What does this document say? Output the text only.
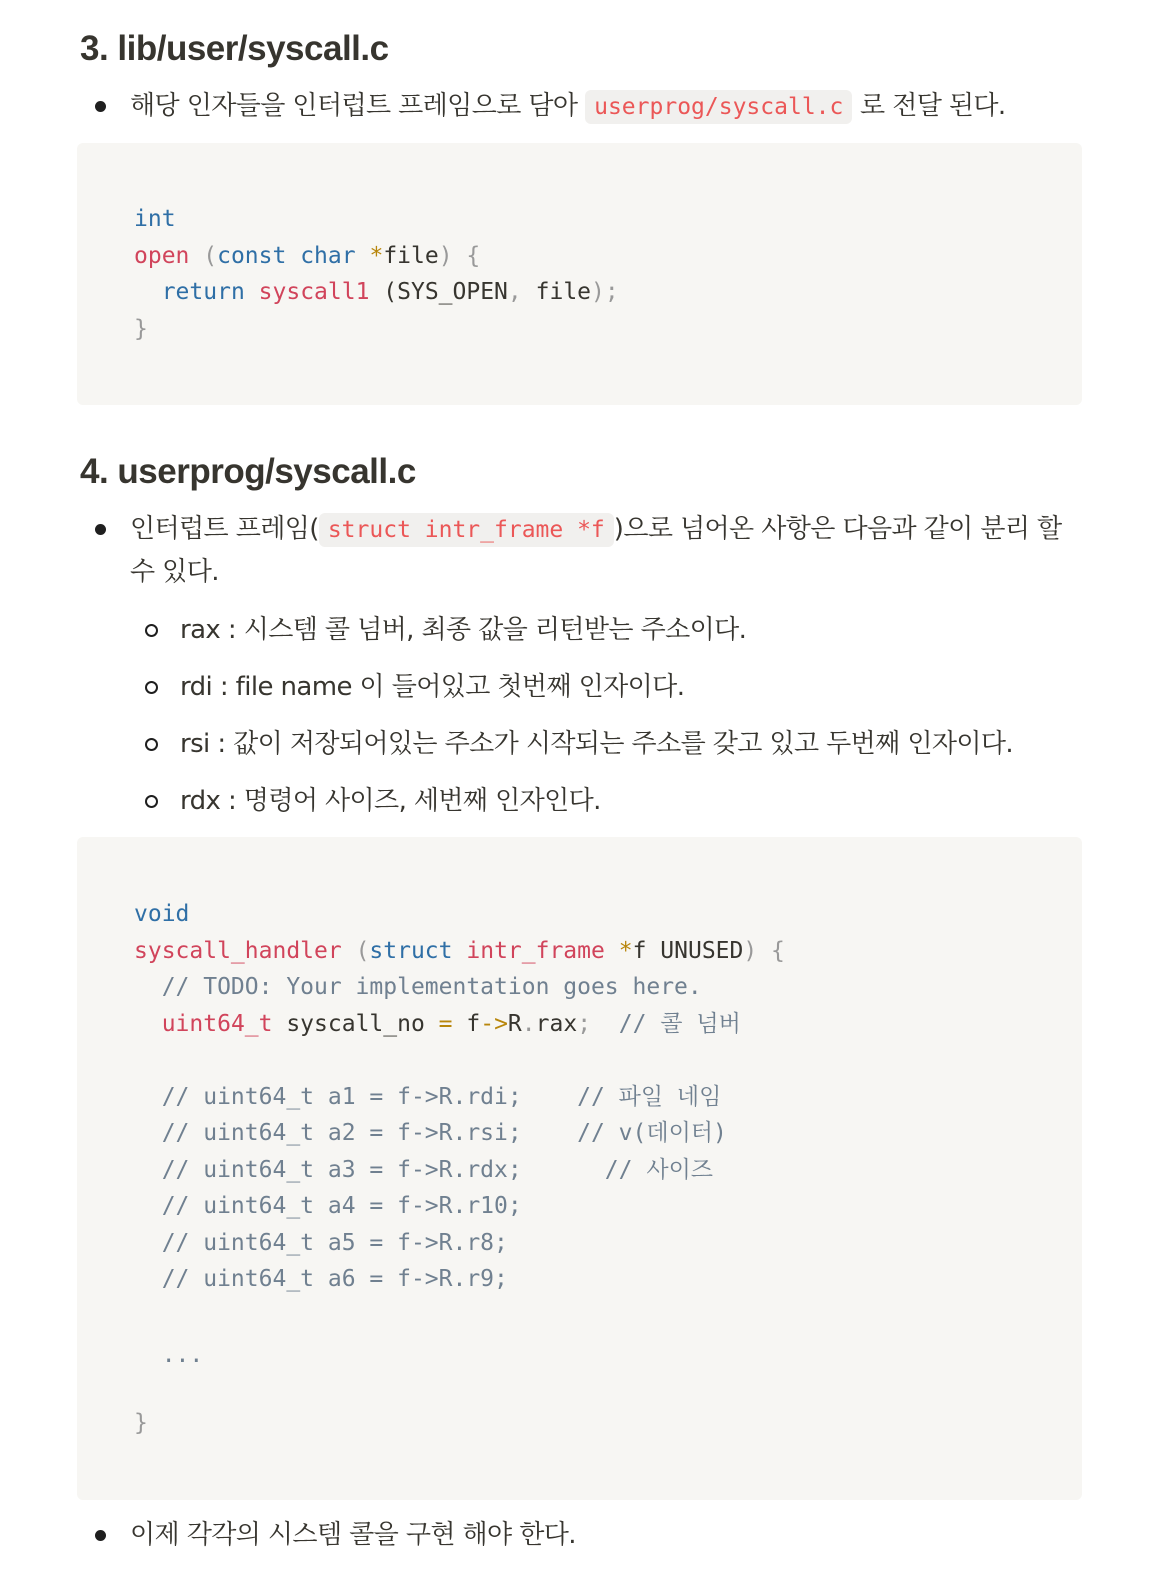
3. lib/user/syscall.c
해당 인자들을 인터럽트 프레임으로 담아 userprog/syscall.c 로 전달 된다.
int
open (const char *file) {
return syscall1 (SYS_OPEN, file);
}
4. userprog/syscall.c
인터럽트 프레임( struct intr_frame *f )으로 넘어온 사항은 다음과 같이 분리 할 수 있다.
rax : 시스템 콜 넘버, 최종 값을 리턴받는 주소이다.
rdi : file name 이 들어있고 첫번째 인자이다.
rsi : 값이 저장되어있는 주소가 시작되는 주소를 갖고 있고 두번째 인자이다.
rdx : 명령어 사이즈, 세번째 인자인다.
void
syscall_handler (struct intr_frame *f UNUSED) {
// TODO: Your implementation goes here.
uint64_t syscall_no = f->R.rax;  // 콜 넘버

// uint64_t a1 = f->R.rdi;    // 파일 네임
// uint64_t a2 = f->R.rsi;    // v(데이터)
// uint64_t a3 = f->R.rdx;      // 사이즈
// uint64_t a4 = f->R.r10;
// uint64_t a5 = f->R.r8;
// uint64_t a6 = f->R.r9;

...
}
이제 각각의 시스템 콜을 구현 해야 한다.
